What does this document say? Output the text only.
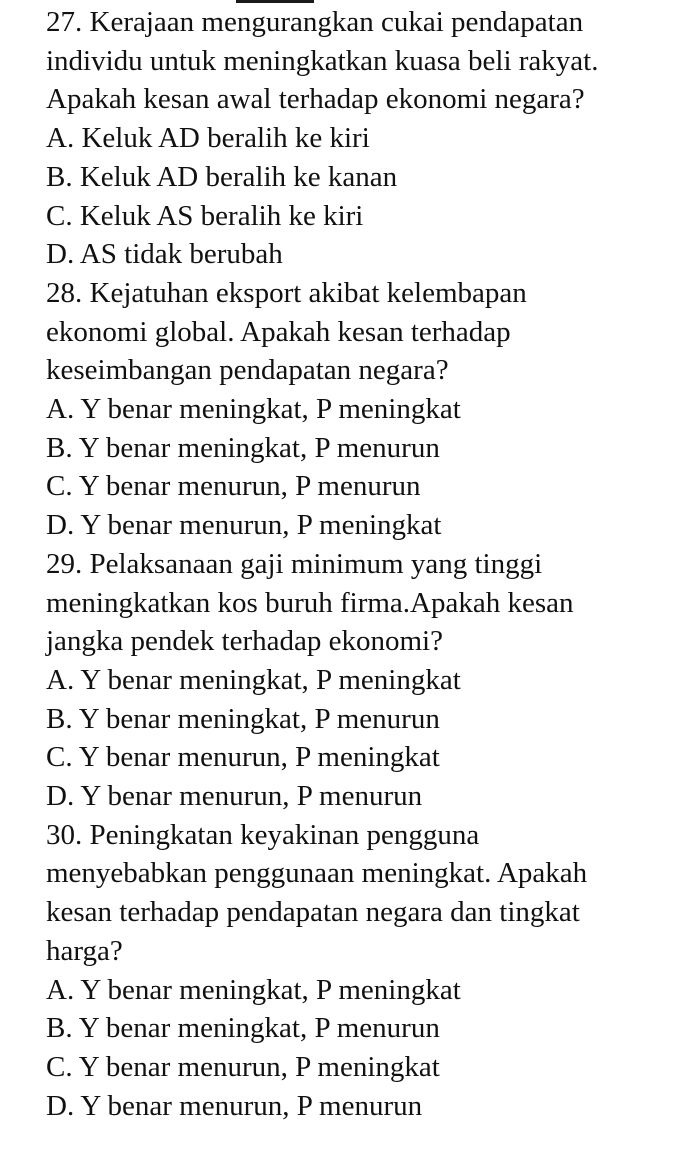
27. Kerajaan mengurangkan cukai pendapatan
individu untuk meningkatkan kuasa beli rakyat.
Apakah kesan awal terhadap ekonomi negara?
A. Keluk AD beralih ke kiri
B. Keluk AD beralih ke kanan
C. Keluk AS beralih ke kiri
D. AS tidak berubah
28. Kejatuhan eksport akibat kelembapan
ekonomi global. Apakah kesan terhadap
keseimbangan pendapatan negara?
A. Y benar meningkat, P meningkat
B. Y benar meningkat, P menurun
C. Y benar menurun, P menurun
D. Y benar menurun, P meningkat
29. Pelaksanaan gaji minimum yang tinggi
meningkatkan kos buruh firma.Apakah kesan
jangka pendek terhadap ekonomi?
A. Y benar meningkat, P meningkat
B. Y benar meningkat, P menurun
C. Y benar menurun, P meningkat
D. Y benar menurun, P menurun
30. Peningkatan keyakinan pengguna
menyebabkan penggunaan meningkat. Apakah
kesan terhadap pendapatan negara dan tingkat
harga?
A. Y benar meningkat, P meningkat
B. Y benar meningkat, P menurun
C. Y benar menurun, P meningkat
D. Y benar menurun, P menurun
